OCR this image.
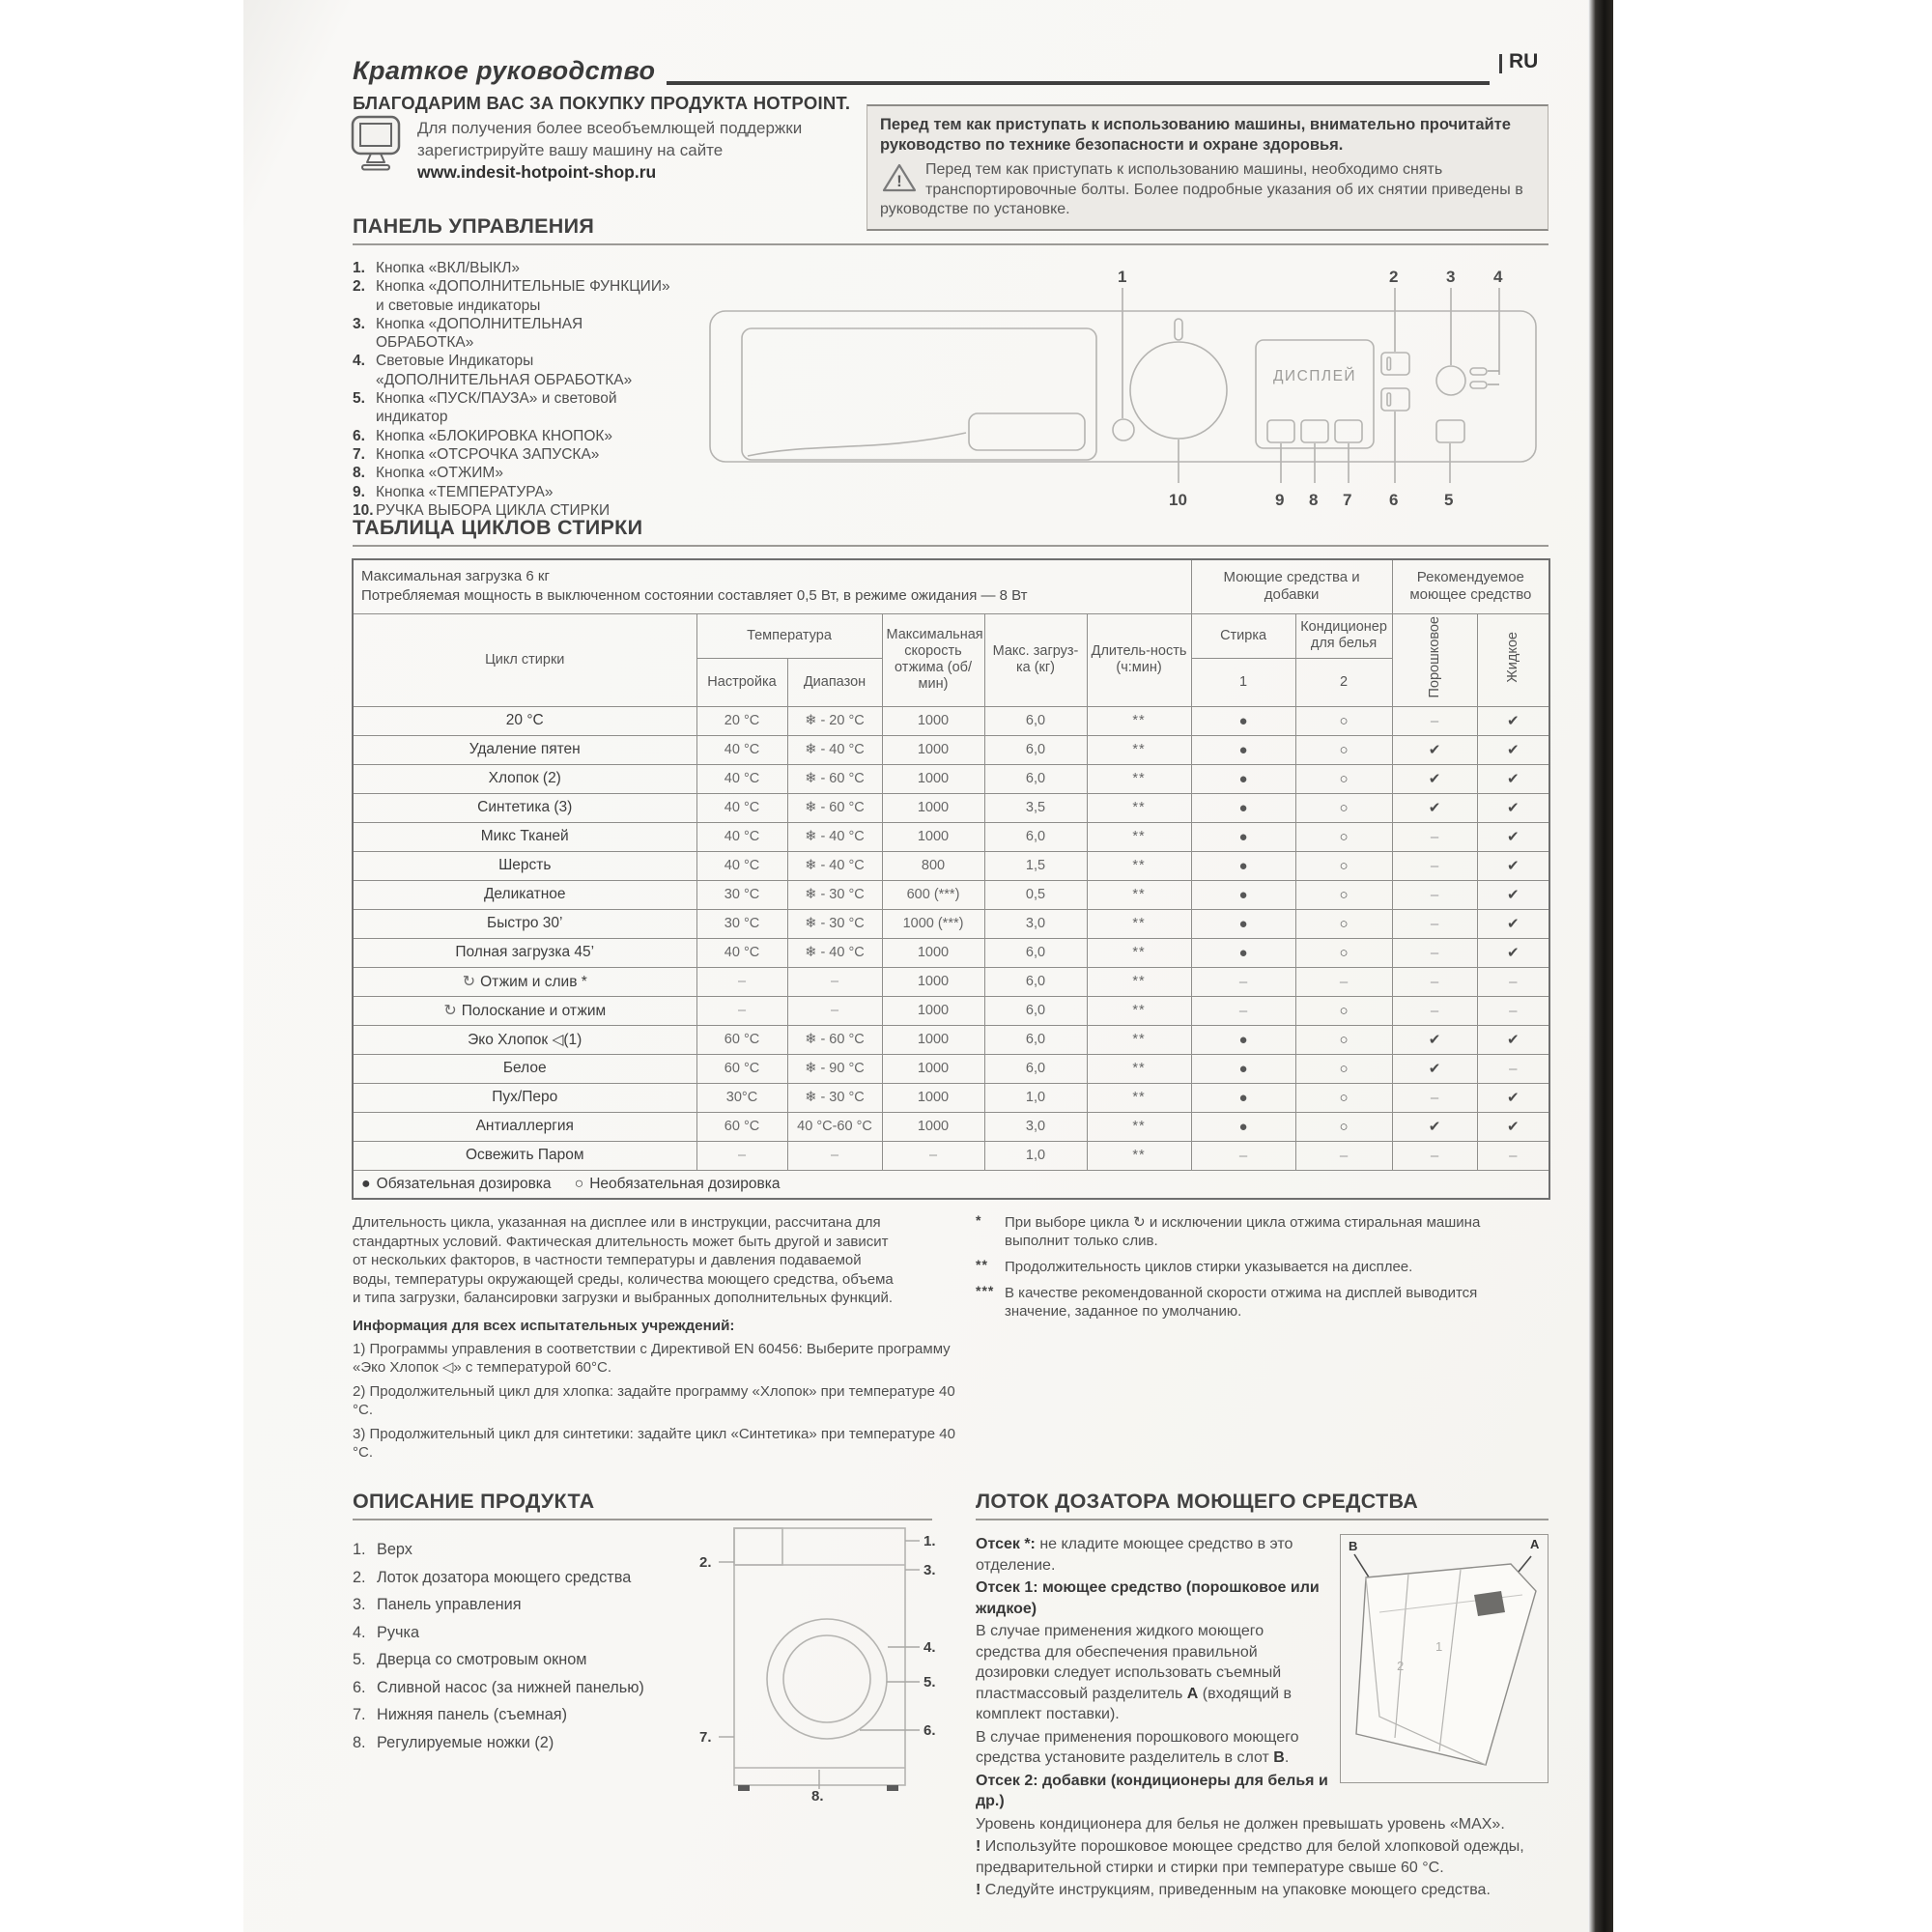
Краткое руководство	RU
БЛАГОДАРИМ ВАС ЗА ПОКУПКУ ПРОДУКТА HOTPOINT.
Для получения более всеобъемлющей поддержки
зарегистрируйте вашу машину на сайте
www.indesit-hotpoint-shop.ru

Перед тем как приступать к использованию машины, внимательно прочитайте руководство по технике безопасности и охране здоровья.

!
Перед тем как приступать к использованию машины, необходимо снять транспортировочные болты. Более подробные указания об их снятии приведены в руководстве по установке.
ПАНЕЛЬ УПРАВЛЕНИЯ
1. Кнопка «ВКЛ/ВЫКЛ»
2. Кнопка «ДОПОЛНИТЕЛЬНЫЕ ФУНКЦИИ» и световые индикаторы
3. Кнопка «ДОПОЛНИТЕЛЬНАЯ ОБРАБОТКА»
4. Световые Индикаторы «ДОПОЛНИТЕЛЬНАЯ ОБРАБОТКА»
5. Кнопка «ПУСК/ПАУЗА» и световой индикатор
6. Кнопка «БЛОКИРОВКА КНОПОК»
7. Кнопка «ОТСРОЧКА ЗАПУСКА»
8. Кнопка «ОТЖИМ»
9. Кнопка «ТЕМПЕРАТУРА»
10. РУЧКА ВЫБОРА ЦИКЛА СТИРКИ
ДИСПЛЕЙ
1	2	3 4
10	9 8 7 6	5
ТАБЛИЦА ЦИКЛОВ СТИРКИ
Максимальная загрузка 6 кг
Потребляемая мощность в выключенном состоянии составляет 0,5 Вт, в режиме ожидания — 8 Вт						Моющие средства и добавки		Рекомендуемое моющее средство	
Цикл стирки	Температура		Максимальная скорость отжима (об/мин)	Макс. загруз-ка (кг)	Длитель-ность (ч:мин)	Стирка	Кондиционер для белья	Порошковое	Жидкое
	Настройка	Диапазон				1	2		
20 °C	20 °C	❄ - 20 °C	1000	6,0	**	●	○	–	✔
Удаление пятен	40 °C	❄ - 40 °C	1000	6,0	**	●	○	✔	✔
Хлопок (2)	40 °C	❄ - 60 °C	1000	6,0	**	●	○	✔	✔
Синтетика (3)	40 °C	❄ - 60 °C	1000	3,5	**	●	○	✔	✔
Микс Тканей	40 °C	❄ - 40 °C	1000	6,0	**	●	○	–	✔
Шерсть	40 °C	❄ - 40 °C	800	1,5	**	●	○	–	✔
Деликатное	30 °C	❄ - 30 °C	600 (***)	0,5	**	●	○	–	✔
Быстро 30’	30 °C	❄ - 30 °C	1000 (***)	3,0	**	●	○	–	✔
Полная загрузка 45’	40 °C	❄ - 40 °C	1000	6,0	**	●	○	–	✔
↻ Отжим и слив *	–	–	1000	6,0	**	–	–	–	–
↻ Полоскание и отжим	–	–	1000	6,0	**	–	○	–	–
Эко Хлопок ◁(1)	60 °C	❄ - 60 °C	1000	6,0	**	●	○	✔	✔
Белое	60 °C	❄ - 90 °C	1000	6,0	**	●	○	✔	–
Пух/Перо	30°C	❄ - 30 °C	1000	1,0	**	●	○	–	✔
Антиаллергия	60 °C	40 °C-60 °C	1000	3,0	**	●	○	✔	✔
Освежить Паром	–	–	–	1,0	**	–	–	–	–
● Обязательная дозировка ○ Необязательная дозировка									

Длительность цикла, указанная на дисплее или в инструкции, рассчитана для стандартных условий. Фактическая длительность может быть другой и зависит от нескольких факторов, в частности температуры и давления подаваемой воды, температуры окружающей среды, количества моющего средства, объема и типа загрузки, балансировки загрузки и выбранных дополнительных функций.

Информация для всех испытательных учреждений:

1) Программы управления в соответствии с Директивой EN 60456: Выберите программу «Эко Хлопок ◁» с температурой 60°C.

2) Продолжительный цикл для хлопка: задайте программу «Хлопок» при температуре 40 °C.

3) Продолжительный цикл для синтетики: задайте цикл «Синтетика» при температуре 40 °C.

* При выборе цикла ↻ и исключении цикла отжима стиральная машина выполнит только слив.
** Продолжительность циклов стирки указывается на дисплее.
*** В качестве рекомендованной скорости отжима на дисплей выводится значение, заданное по умолчанию.
ОПИСАНИЕ ПРОДУКТА
1. Верх
2. Лоток дозатора моющего средства
3. Панель управления
4. Ручка
5. Дверца со смотровым окном
6. Сливной насос (за нижней панелью)
7. Нижняя панель (съемная)
8. Регулируемые ножки (2)
1.
2.	3.
4.
5.
6.
7.
8.
ЛОТОК ДОЗАТОРА МОЮЩЕГО СРЕДСТВА
B	A
2
1

Отсек *: не кладите моющее средство в это отделение.

Отсек 1: моющее средство (порошковое или жидкое)

В случае применения жидкого моющего средства для обеспечения правильной дозировки следует использовать съемный пластмассовый разделитель A (входящий в комплект поставки).

В случае применения порошкового моющего средства установите разделитель в слот B.

Отсек 2: добавки (кондиционеры для белья и др.)

Уровень кондиционера для белья не должен превышать уровень «MAX».

! Используйте порошковое моющее средство для белой хлопковой одежды, предварительной стирки и стирки при температуре свыше 60 °C.

! Следуйте инструкциям, приведенным на упаковке моющего средства.
